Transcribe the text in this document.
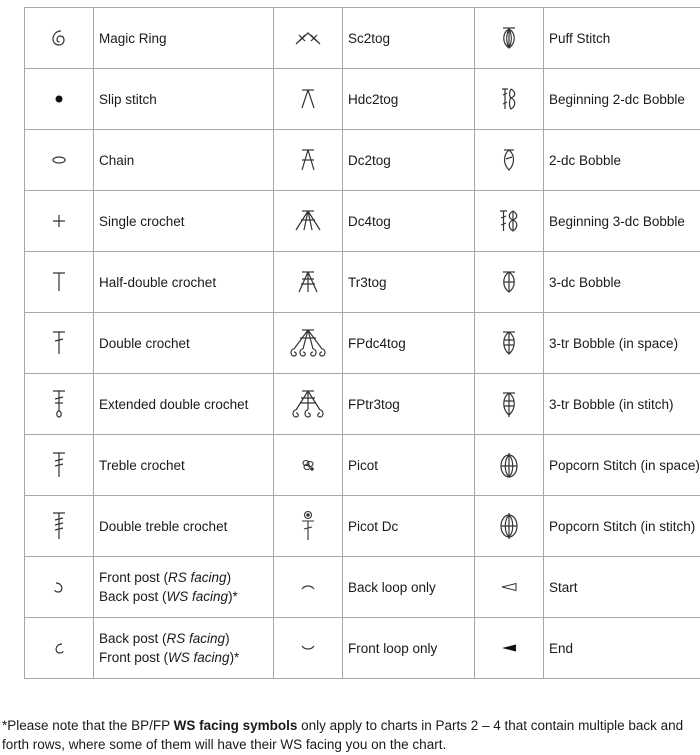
	Magic Ring		Sc2tog		Puff Stitch

	Slip stitch		Hdc2tog		Beginning 2-dc Bobble

	Chain		Dc2tog		2-dc Bobble

	Single crochet		Dc4tog		Beginning 3-dc Bobble

	Half-double crochet		Tr3tog		3-dc Bobble

	Double crochet		FPdc4tog		3-tr Bobble (in space)

	Extended double crochet		FPtr3tog		3-tr Bobble (in stitch)

	Treble crochet		Picot		Popcorn Stitch (in space)

	Double treble crochet		Picot Dc		Popcorn Stitch (in stitch)

	Front post (RS facing)
Back post (WS facing)*		Back loop only		Start

	Back post (RS facing)
Front post (WS facing)*		Front loop only		End

*Please note that the BP/FP WS facing symbols only apply to charts in Parts 2 – 4 that contain multiple back and forth rows, where some of them will have their WS facing you on the chart.
